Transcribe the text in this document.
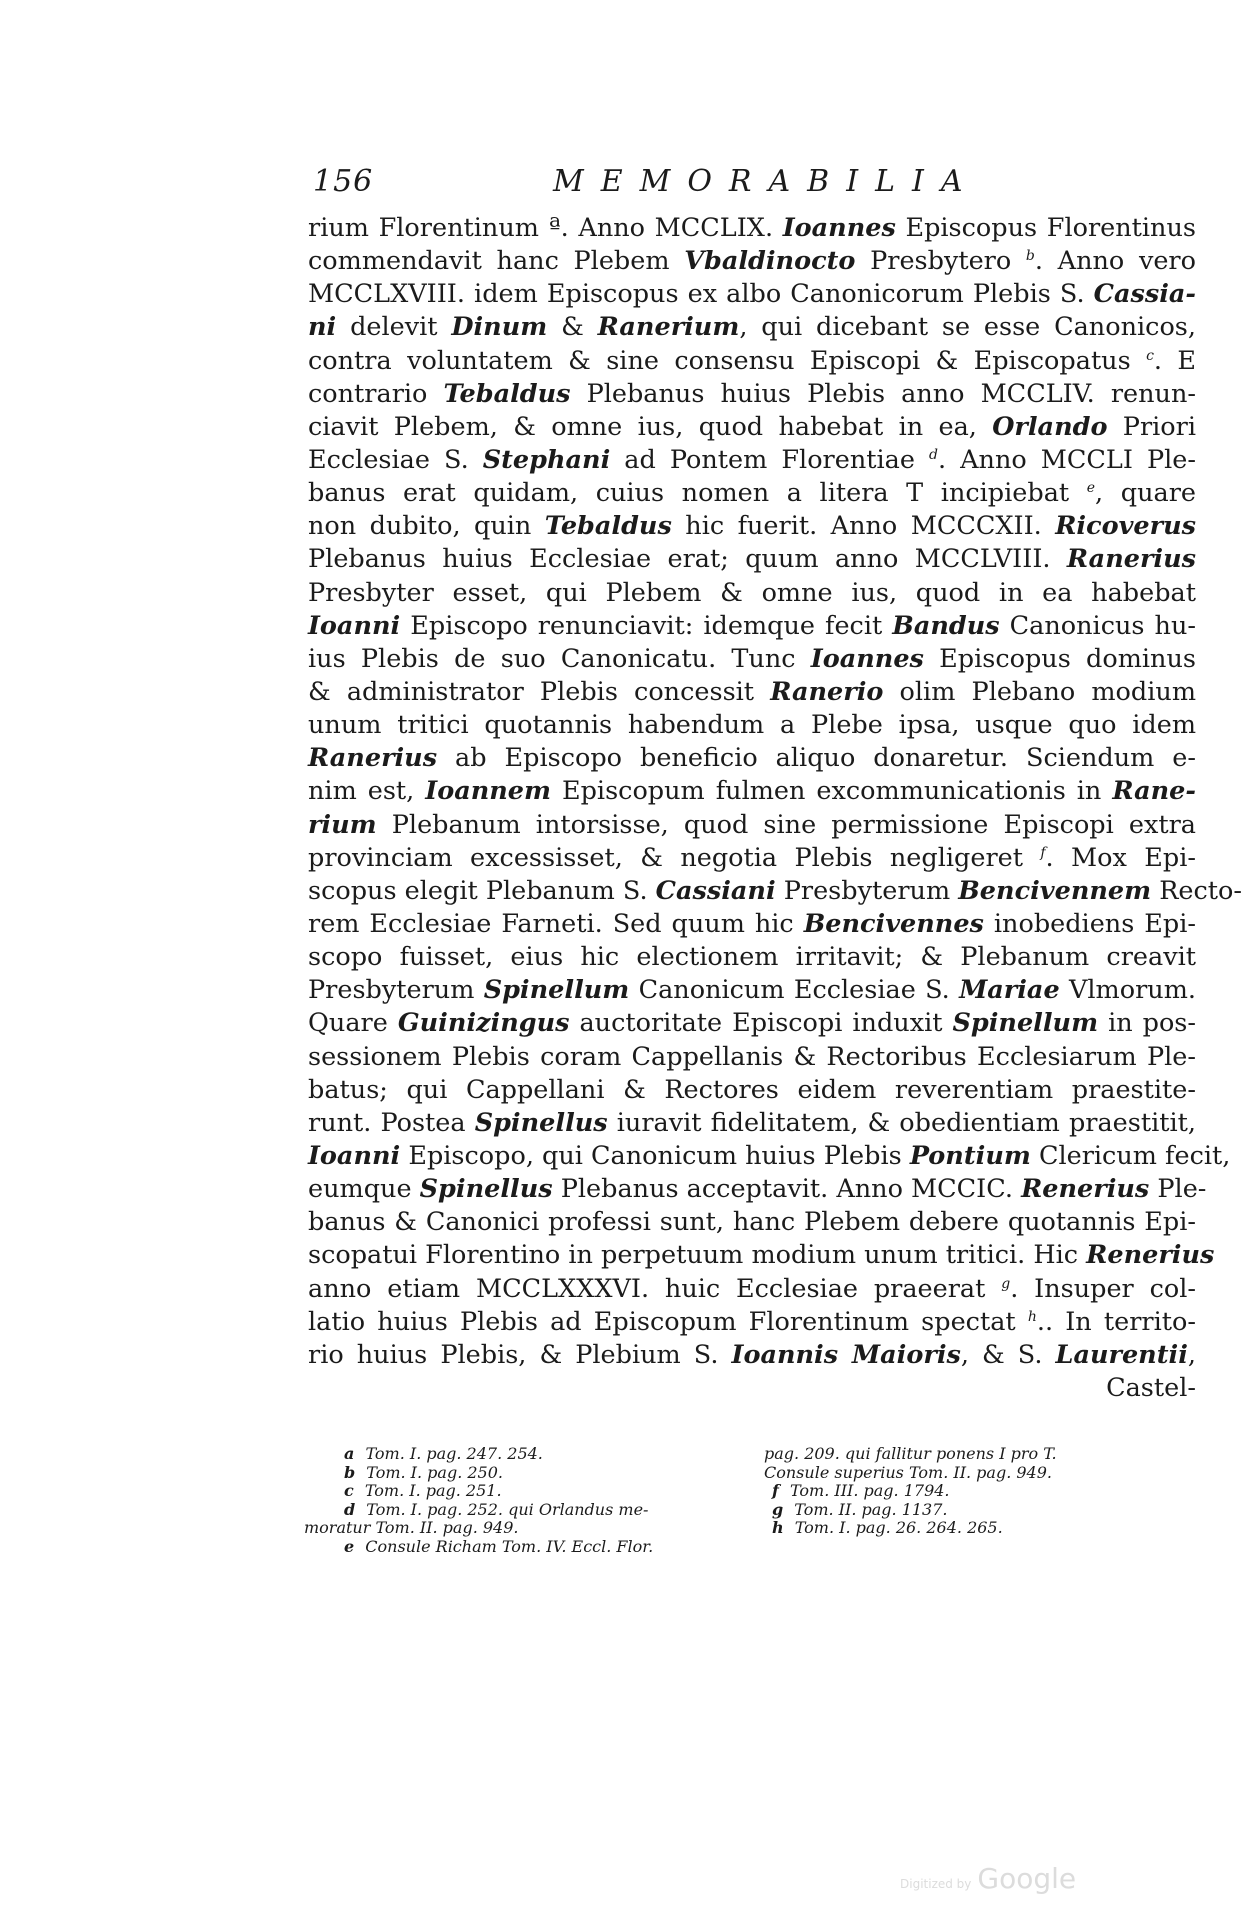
156	MEMORABILIA
rium Florentinum ª. Anno MCCLIX. Ioannes Episcopus Florentinus
commendavit hanc Plebem Vbaldinocto Presbytero $^b$. Anno vero
MCCLXVIII. idem Episcopus ex albo Canonicorum Plebis S. Cassia-
ni delevit Dinum & Ranerium, qui dicebant se esse Canonicos,
contra voluntatem & sine consensu Episcopi & Episcopatus $^c$. E
contrario Tebaldus Plebanus huius Plebis anno MCCLIV. renun-
ciavit Plebem, & omne ius, quod habebat in ea, Orlando Priori
Ecclesiae S. Stephani ad Pontem Florentiae $^d$. Anno MCCLI Ple-
banus erat quidam, cuius nomen a litera T incipiebat $^e$, quare
non dubito, quin Tebaldus hic fuerit. Anno MCCCXII. Ricoverus
Plebanus huius Ecclesiae erat; quum anno MCCLVIII. Ranerius
Presbyter esset, qui Plebem & omne ius, quod in ea habebat
Ioanni Episcopo renunciavit: idemque fecit Bandus Canonicus hu-
ius Plebis de suo Canonicatu. Tunc Ioannes Episcopus dominus
& administrator Plebis concessit Ranerio olim Plebano modium
unum tritici quotannis habendum a Plebe ipsa, usque quo idem
Ranerius ab Episcopo beneficio aliquo donaretur. Sciendum e-
nim est, Ioannem Episcopum fulmen excommunicationis in Rane-
rium Plebanum intorsisse, quod sine permissione Episcopi extra
provinciam excessisset, & negotia Plebis negligeret $^f$. Mox Epi-
scopus elegit Plebanum S. Cassiani Presbyterum Bencivennem Recto-
rem Ecclesiae Farneti. Sed quum hic Bencivennes inobediens Epi-
scopo fuisset, eius hic electionem irritavit; & Plebanum creavit
Presbyterum Spinellum Canonicum Ecclesiae S. Mariae Vlmorum.
Quare Guinizingus auctoritate Episcopi induxit Spinellum in pos-
sessionem Plebis coram Cappellanis & Rectoribus Ecclesiarum Ple-
batus; qui Cappellani & Rectores eidem reverentiam praestite-
runt. Postea Spinellus iuravit fidelitatem, & obedientiam praestitit,
Ioanni Episcopo, qui Canonicum huius Plebis Pontium Clericum fecit,
eumque Spinellus Plebanus acceptavit. Anno MCCIC. Renerius Ple-
banus & Canonici professi sunt, hanc Plebem debere quotannis Epi-
scopatui Florentino in perpetuum modium unum tritici. Hic Renerius
anno etiam MCCLXXXVI. huic Ecclesiae praeerat $^g$. Insuper col-
latio huius Plebis ad Episcopum Florentinum spectat $^h$.. In territo-
rio huius Plebis, & Plebium S. Ioannis Maioris, & S. Laurentii,
Castel-
a Tom. I. pag. 247. 254.
b Tom. I. pag. 250.
c Tom. I. pag. 251.
d Tom. I. pag. 252. qui Orlandus me-
moratur Tom. II. pag. 949.
e Consule Richam Tom. IV. Eccl. Flor.
pag. 209. qui fallitur ponens I pro T.
Consule superius Tom. II. pag. 949.
f Tom. III. pag. 1794.
g Tom. II. pag. 1137.
h Tom. I. pag. 26. 264. 265.
Digitized by Google
